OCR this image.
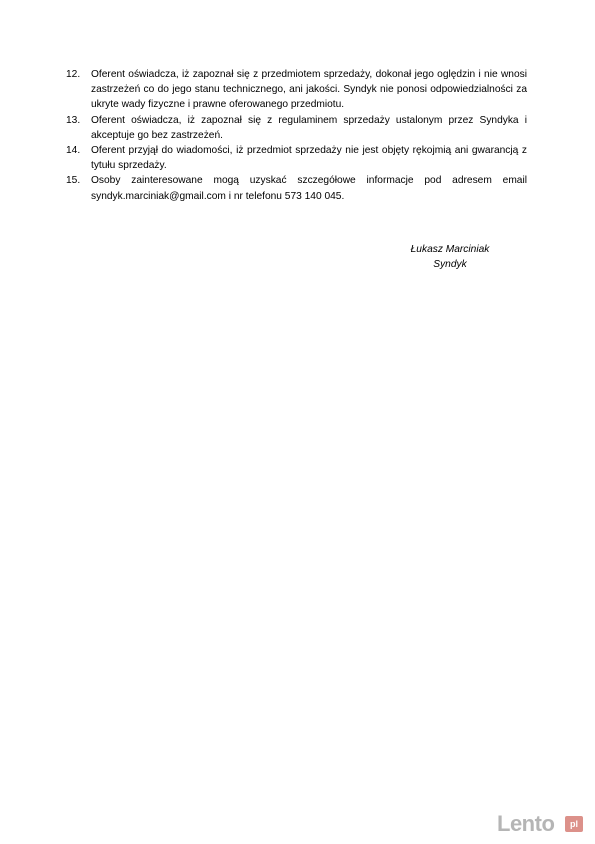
12.	Oferent oświadcza, iż zapoznał się z przedmiotem sprzedaży, dokonał jego oględzin i nie wnosi zastrzeżeń co do jego stanu technicznego, ani jakości. Syndyk nie ponosi odpowiedzialności za ukryte wady fizyczne i prawne oferowanego przedmiotu.
13.	Oferent oświadcza, iż zapoznał się z regulaminem sprzedaży ustalonym przez Syndyka i akceptuje go bez zastrzeżeń.
14.	Oferent przyjął do wiadomości, iż przedmiot sprzedaży nie jest objęty rękojmią ani gwarancją z tytułu sprzedaży.
15.	Osoby zainteresowane mogą uzyskać szczegółowe informacje pod adresem email syndyk.marciniak@gmail.com i nr telefonu 573 140 045.
Łukasz Marciniak
Syndyk
Lento	pl
